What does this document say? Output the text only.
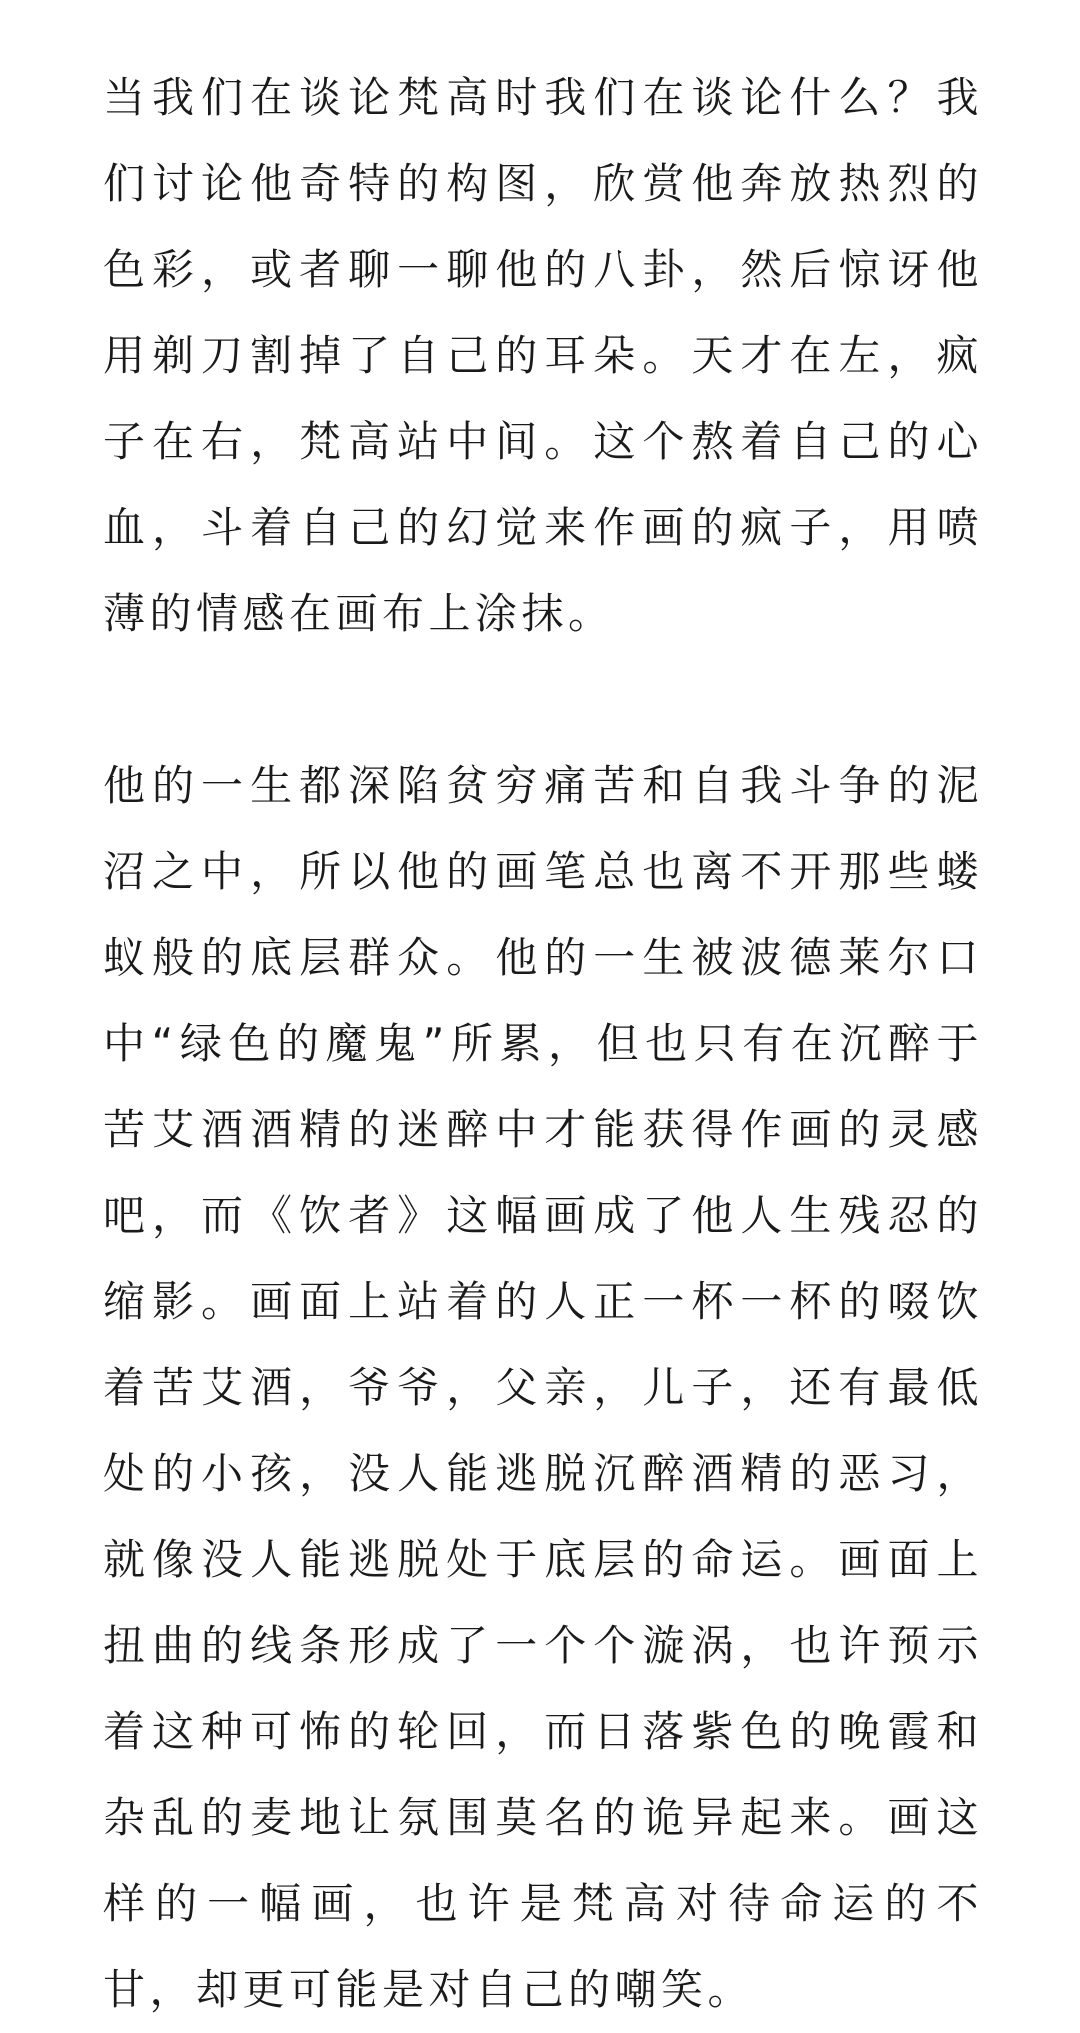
当我们在谈论梵高时我们在谈论什么？我们讨论他奇特的构图，欣赏他奔放热烈的色彩，或者聊一聊他的八卦，然后惊讶他用剃刀割掉了自己的耳朵。天才在左，疯子在右，梵高站中间。这个熬着自己的心血，斗着自己的幻觉来作画的疯子，用喷薄的情感在画布上涂抹。

他的一生都深陷贫穷痛苦和自我斗争的泥沼之中，所以他的画笔总也离不开那些蝼蚁般的底层群众。他的一生被波德莱尔口中“绿色的魔鬼”所累，但也只有在沉醉于苦艾酒酒精的迷醉中才能获得作画的灵感吧，而《饮者》这幅画成了他人生残忍的缩影。画面上站着的人正一杯一杯的啜饮着苦艾酒，爷爷，父亲，儿子，还有最低处的小孩，没人能逃脱沉醉酒精的恶习，就像没人能逃脱处于底层的命运。画面上扭曲的线条形成了一个个漩涡，也许预示着这种可怖的轮回，而日落紫色的晚霞和杂乱的麦地让氛围莫名的诡异起来。画这样的一幅画，也许是梵高对待命运的不甘，却更可能是对自己的嘲笑。
